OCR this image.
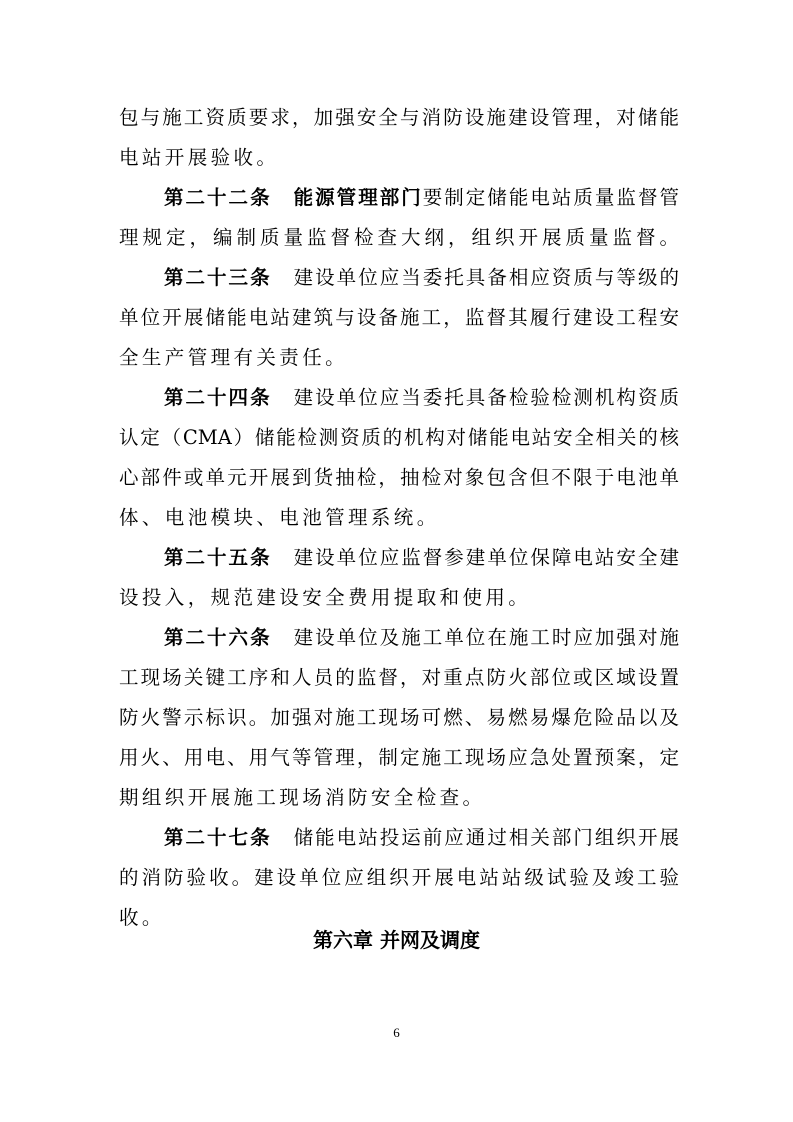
包与施工资质要求，加强安全与消防设施建设管理，对储能
电站开展验收。
第二十二条 能源管理部门要制定储能电站质量监督管
理规定，编制质量监督检查大纲，组织开展质量监督。
第二十三条 建设单位应当委托具备相应资质与等级的
单位开展储能电站建筑与设备施工，监督其履行建设工程安
全生产管理有关责任。
第二十四条 建设单位应当委托具备检验检测机构资质
认定（CMA）储能检测资质的机构对储能电站安全相关的核
心部件或单元开展到货抽检，抽检对象包含但不限于电池单
体、电池模块、电池管理系统。
第二十五条 建设单位应监督参建单位保障电站安全建
设投入，规范建设安全费用提取和使用。
第二十六条 建设单位及施工单位在施工时应加强对施
工现场关键工序和人员的监督，对重点防火部位或区域设置
防火警示标识。加强对施工现场可燃、易燃易爆危险品以及
用火、用电、用气等管理，制定施工现场应急处置预案，定
期组织开展施工现场消防安全检查。
第二十七条 储能电站投运前应通过相关部门组织开展
的消防验收。建设单位应组织开展电站站级试验及竣工验
收。
第六章 并网及调度
6
